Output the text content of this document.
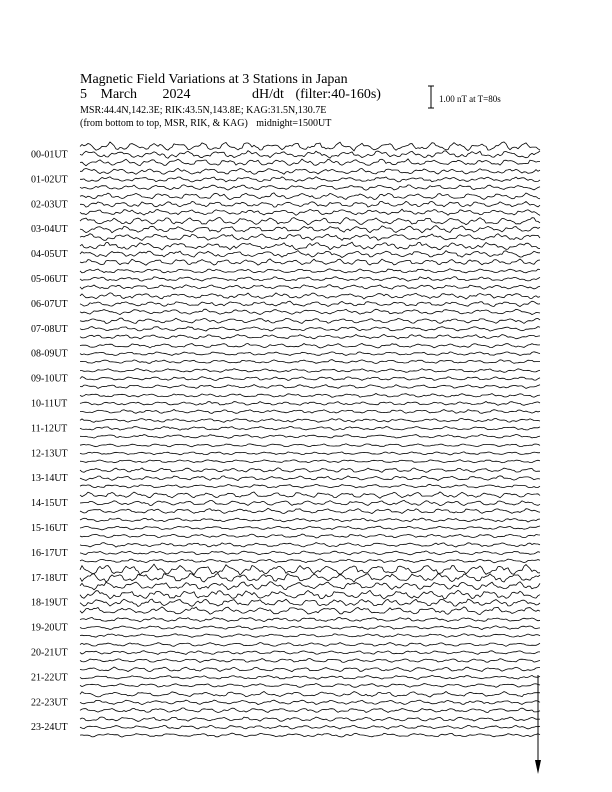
Magnetic Field Variations at 3 Stations in Japan
5 March 2024	dH/dt (filter:40-160s)
MSR:44.4N,142.3E; RIK:43.5N,143.8E; KAG:31.5N,130.7E
(from bottom to top, MSR, RIK, & KAG) midnight=1500UT
1.00 nT at T=80s
00-01UT
01-02UT
02-03UT
03-04UT
04-05UT
05-06UT
06-07UT
07-08UT
08-09UT
09-10UT
10-11UT
11-12UT
12-13UT
13-14UT
14-15UT
15-16UT
16-17UT
17-18UT
18-19UT
19-20UT
20-21UT
21-22UT
22-23UT
23-24UT
